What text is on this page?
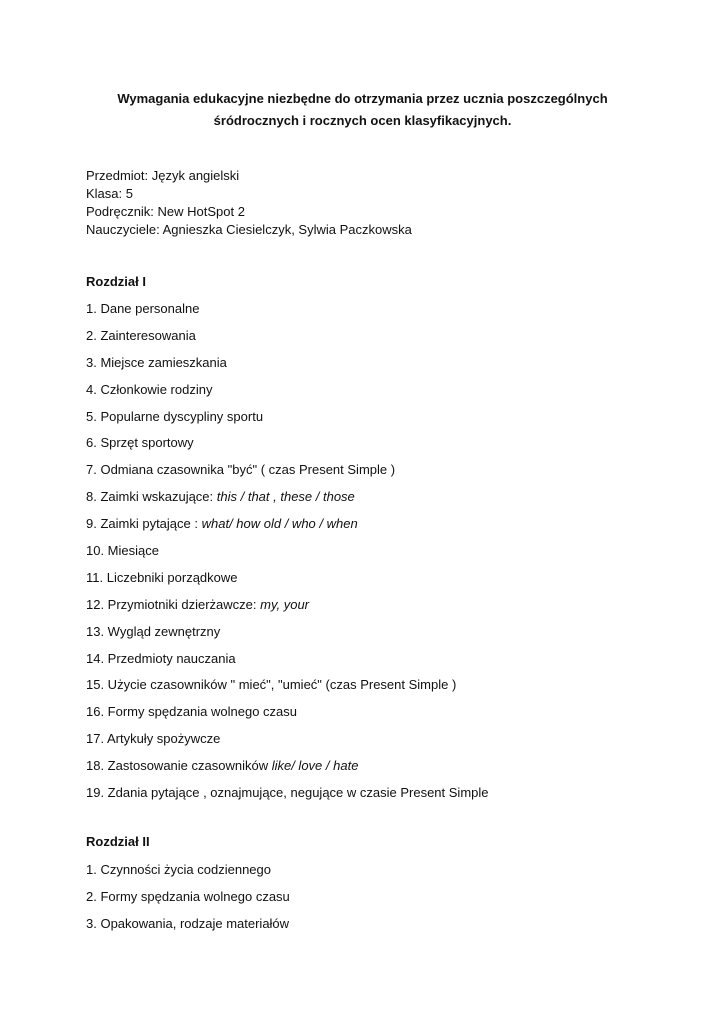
Wymagania edukacyjne niezbędne do otrzymania przez ucznia poszczególnych
śródrocznych i rocznych ocen klasyfikacyjnych.
Przedmiot: Język angielski
Klasa: 5
Podręcznik: New HotSpot 2
Nauczyciele: Agnieszka Ciesielczyk, Sylwia Paczkowska
Rozdział I
1. Dane personalne
2. Zainteresowania
3. Miejsce zamieszkania
4. Członkowie rodziny
5. Popularne dyscypliny sportu
6. Sprzęt sportowy
7. Odmiana czasownika "być" ( czas Present Simple )
8. Zaimki wskazujące: this / that , these / those
9. Zaimki pytające : what/ how old / who / when
10. Miesiące
11. Liczebniki porządkowe
12. Przymiotniki dzierżawcze: my, your
13. Wygląd zewnętrzny
14. Przedmioty nauczania
15. Użycie czasowników " mieć", "umieć" (czas Present Simple )
16. Formy spędzania wolnego czasu
17. Artykuły spożywcze
18. Zastosowanie czasowników like/ love / hate
19. Zdania pytające , oznajmujące, negujące w czasie Present Simple
Rozdział II
1. Czynności życia codziennego
2. Formy spędzania wolnego czasu
3. Opakowania, rodzaje materiałów
